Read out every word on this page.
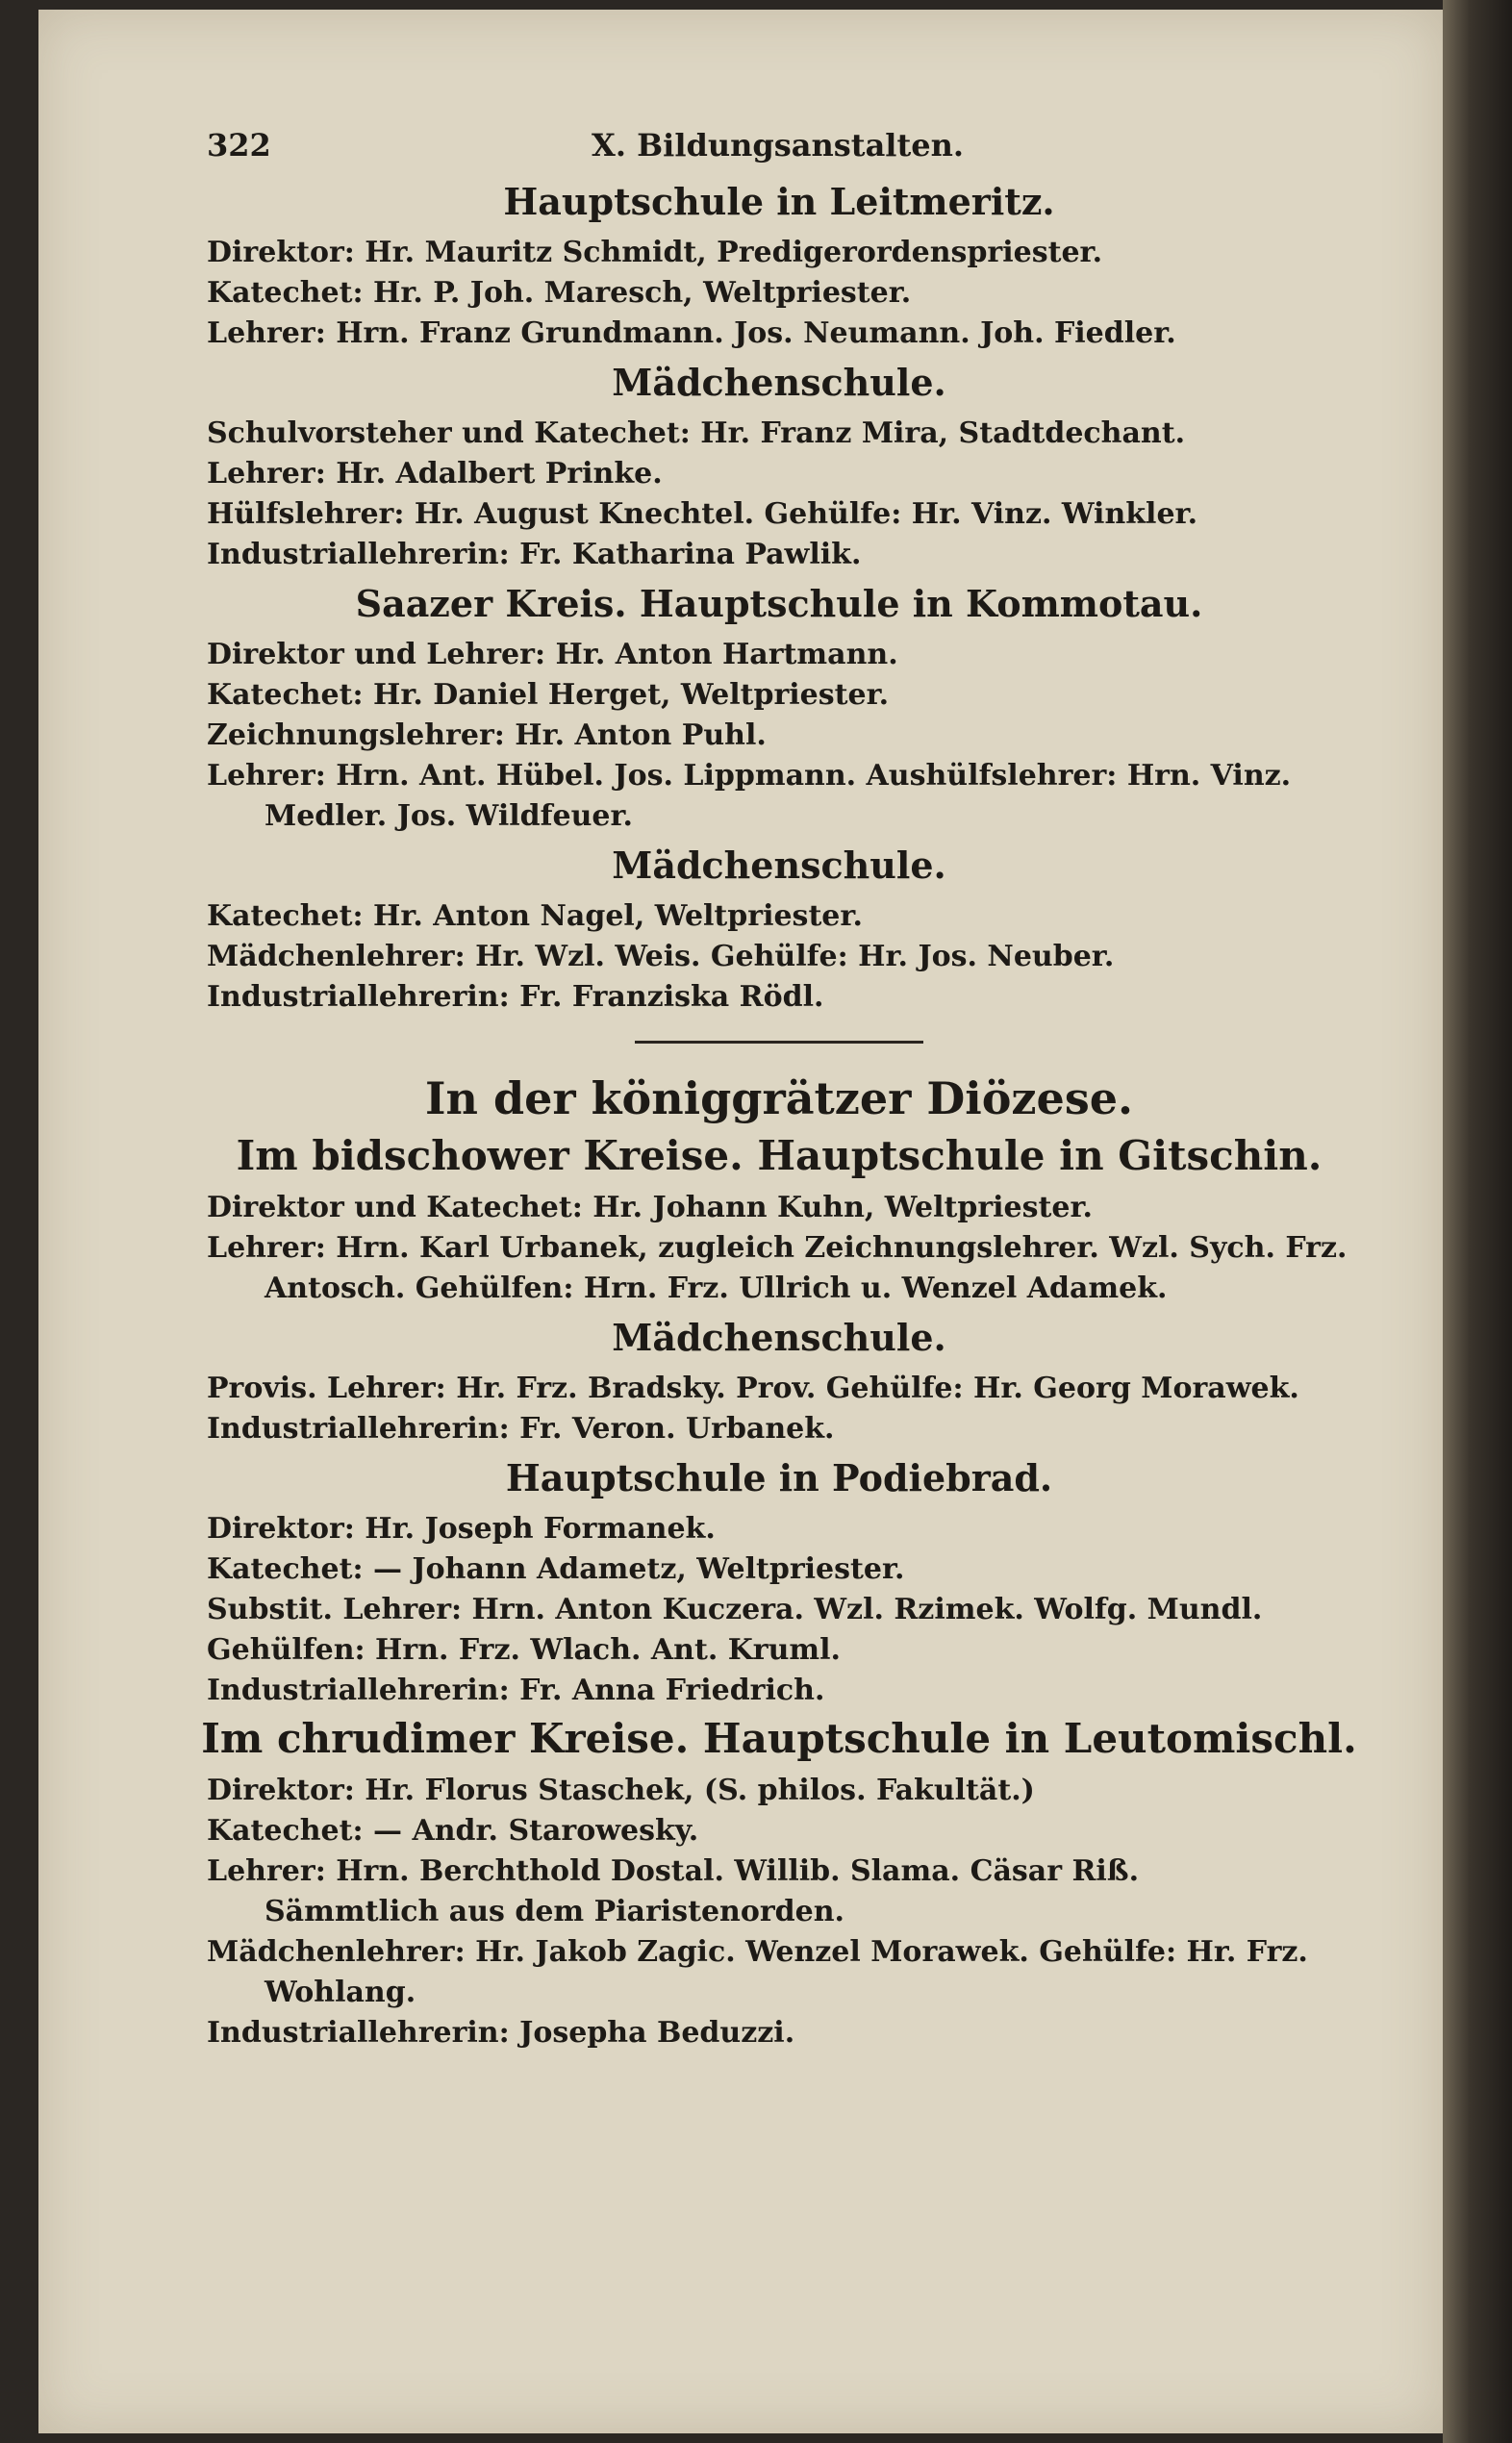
322	X. Bildungsanstalten.
Hauptschule in Leitmeritz.
Direktor: Hr. Mauritz Schmidt, Predigerordenspriester.
Katechet: Hr. P. Joh. Maresch, Weltpriester.
Lehrer: Hrn. Franz Grundmann. Jos. Neumann. Joh. Fiedler.
Mädchenschule.
Schulvorsteher und Katechet: Hr. Franz Mira, Stadtdechant.
Lehrer: Hr. Adalbert Prinke.
Hülfslehrer: Hr. August Knechtel. Gehülfe: Hr. Vinz. Winkler.
Industriallehrerin: Fr. Katharina Pawlik.
Saazer Kreis. Hauptschule in Kommotau.
Direktor und Lehrer: Hr. Anton Hartmann.
Katechet: Hr. Daniel Herget, Weltpriester.
Zeichnungslehrer: Hr. Anton Puhl.
Lehrer: Hrn. Ant. Hübel. Jos. Lippmann. Aushülfslehrer: Hrn. Vinz.
Medler. Jos. Wildfeuer.
Mädchenschule.
Katechet: Hr. Anton Nagel, Weltpriester.
Mädchenlehrer: Hr. Wzl. Weis. Gehülfe: Hr. Jos. Neuber.
Industriallehrerin: Fr. Franziska Rödl.
In der königgrätzer Diözese.
Im bidschower Kreise. Hauptschule in Gitschin.
Direktor und Katechet: Hr. Johann Kuhn, Weltpriester.
Lehrer: Hrn. Karl Urbanek, zugleich Zeichnungslehrer. Wzl. Sych. Frz.
Antosch. Gehülfen: Hrn. Frz. Ullrich u. Wenzel Adamek.
Mädchenschule.
Provis. Lehrer: Hr. Frz. Bradsky. Prov. Gehülfe: Hr. Georg Morawek.
Industriallehrerin: Fr. Veron. Urbanek.
Hauptschule in Podiebrad.
Direktor: Hr. Joseph Formanek.
Katechet: — Johann Adametz, Weltpriester.
Substit. Lehrer: Hrn. Anton Kuczera. Wzl. Rzimek. Wolfg. Mundl.
Gehülfen: Hrn. Frz. Wlach. Ant. Kruml.
Industriallehrerin: Fr. Anna Friedrich.
Im chrudimer Kreise. Hauptschule in Leutomischl.
Direktor: Hr. Florus Staschek, (S. philos. Fakultät.)
Katechet: — Andr. Starowesky.
Lehrer: Hrn. Berchthold Dostal. Willib. Slama. Cäsar Riß.
Sämmtlich aus dem Piaristenorden.
Mädchenlehrer: Hr. Jakob Zagic. Wenzel Morawek. Gehülfe: Hr. Frz.
Wohlang.
Industriallehrerin: Josepha Beduzzi.
